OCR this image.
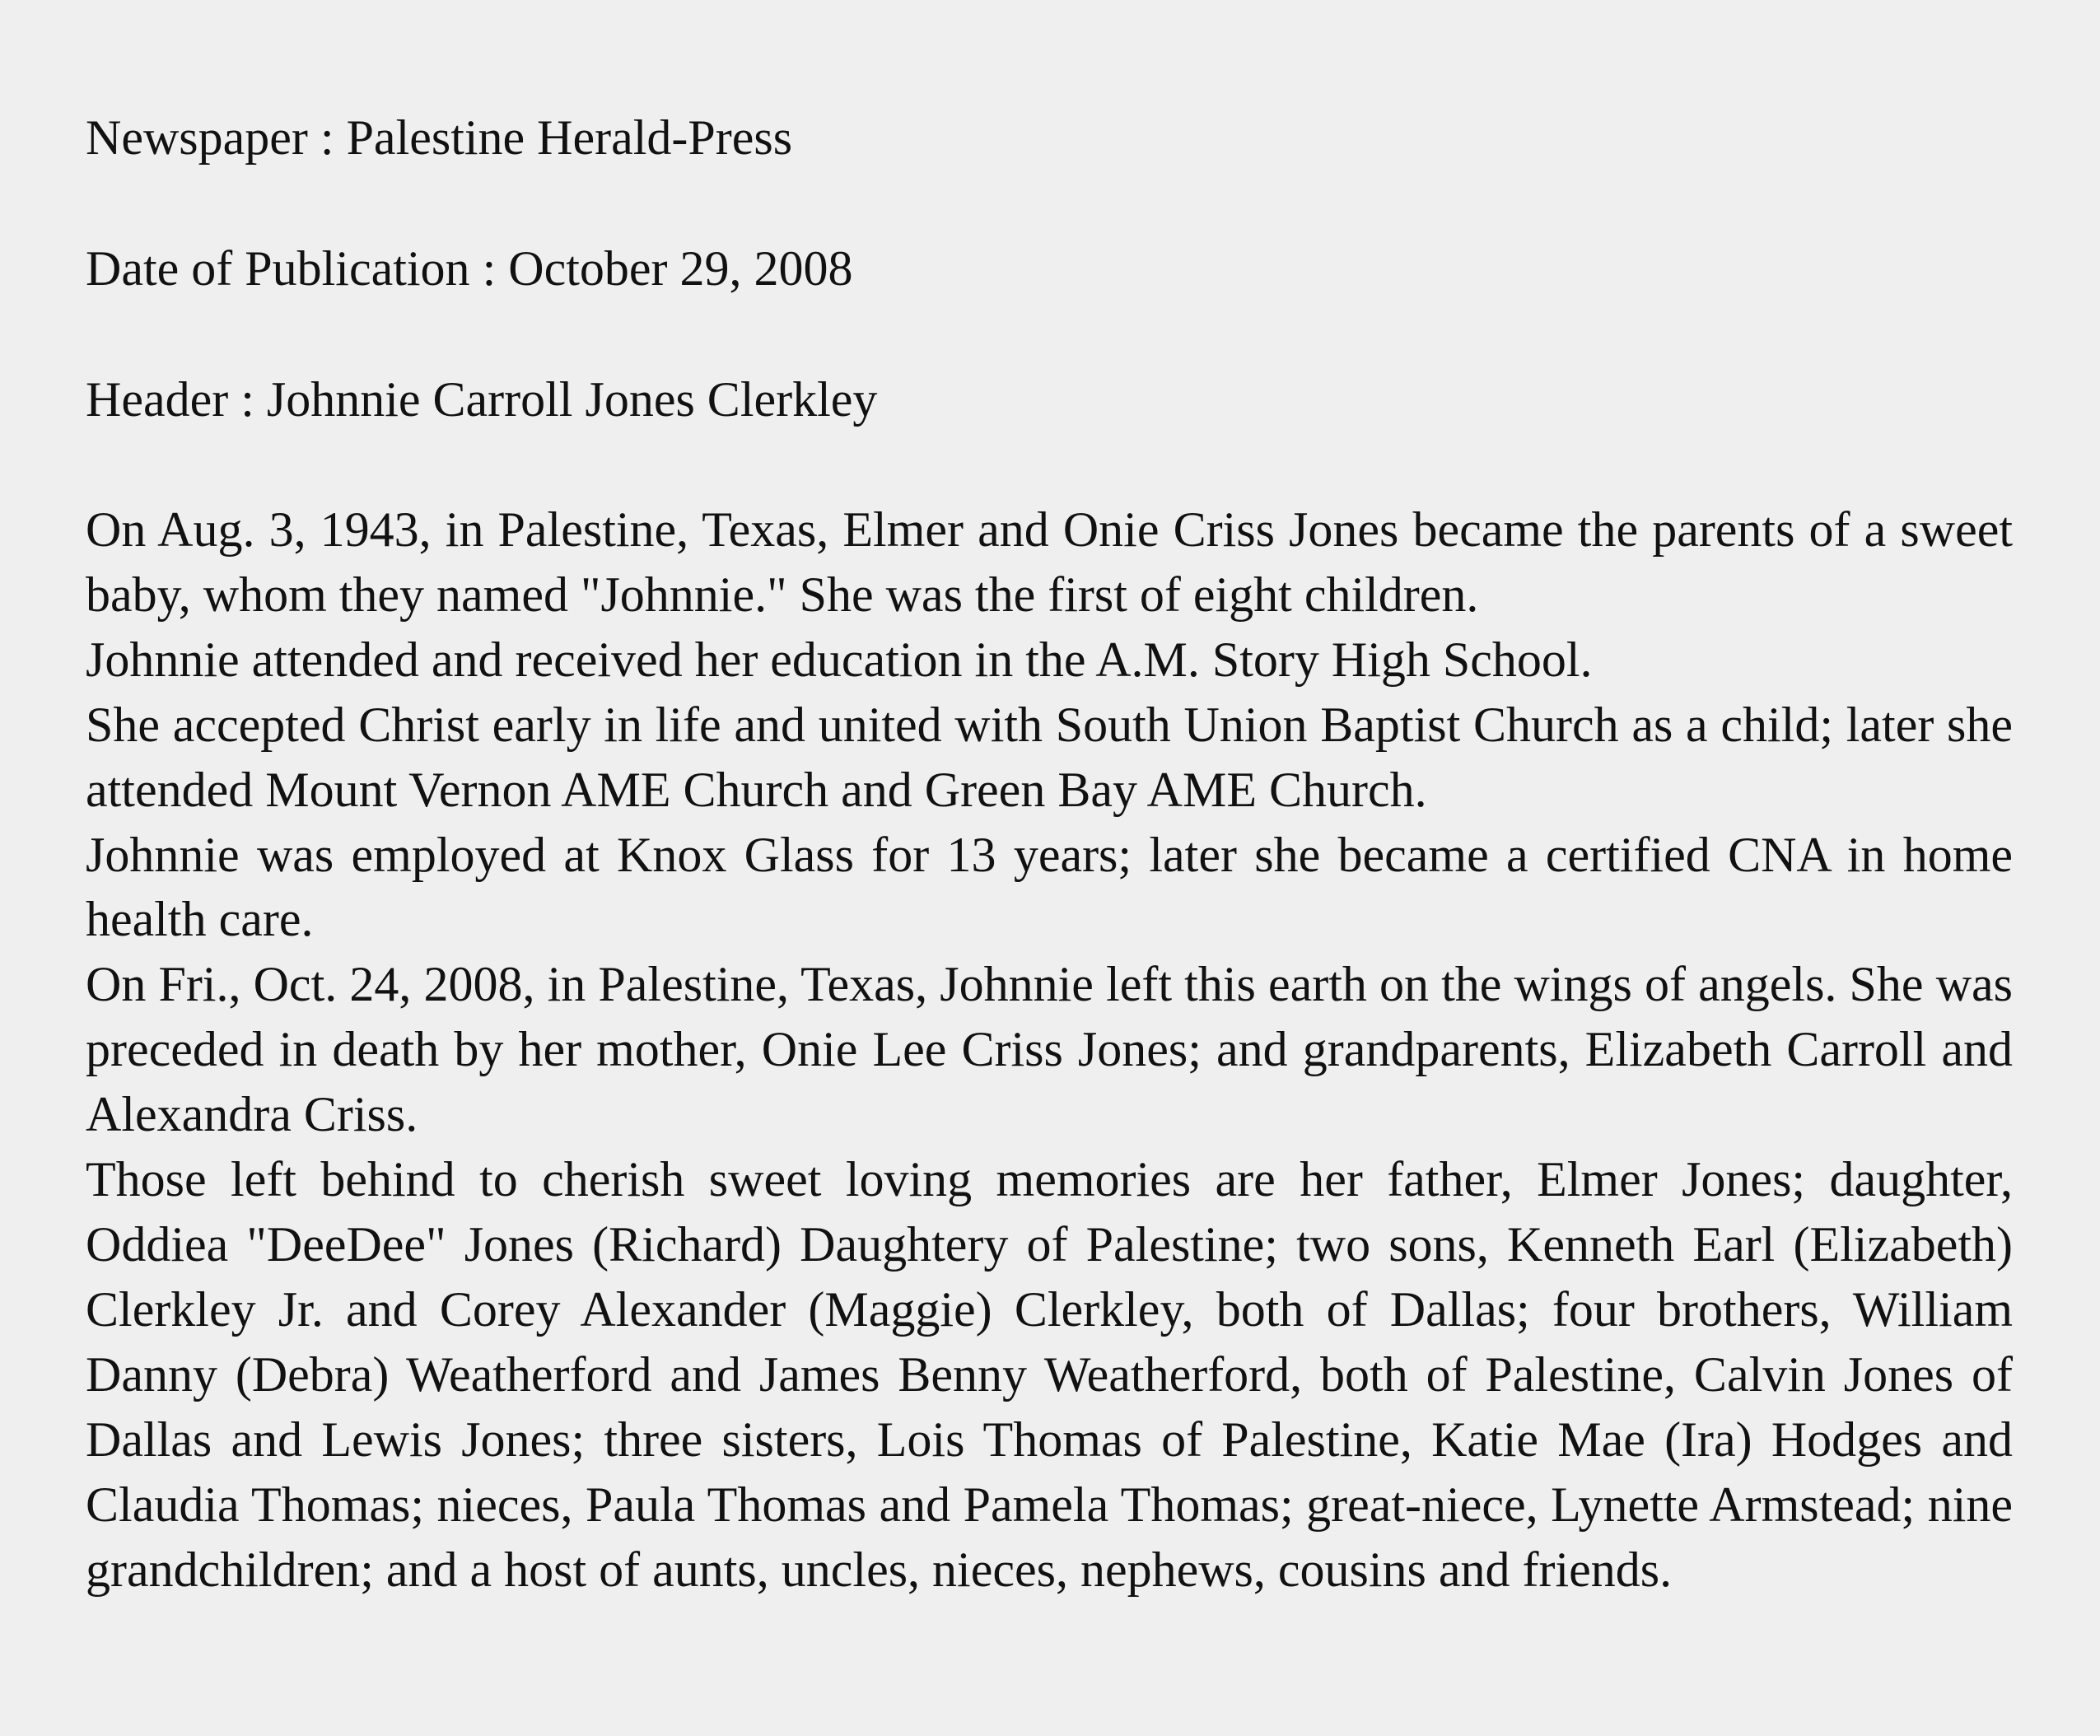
Newspaper : Palestine Herald-Press
Date of Publication : October 29, 2008
Header : Johnnie Carroll Jones Clerkley

On Aug. 3, 1943, in Palestine, Texas, Elmer and Onie Criss Jones became the parents of a sweet baby, whom they named "Johnnie." She was the first of eight children.

Johnnie attended and received her education in the A.M. Story High School.

She accepted Christ early in life and united with South Union Baptist Church as a child; later she attended Mount Vernon AME Church and Green Bay AME Church.

Johnnie was employed at Knox Glass for 13 years; later she became a certified CNA in home health care.

On Fri., Oct. 24, 2008, in Palestine, Texas, Johnnie left this earth on the wings of angels. She was preceded in death by her mother, Onie Lee Criss Jones; and grandparents, Elizabeth Carroll and Alexandra Criss.

Those left behind to cherish sweet loving memories are her father, Elmer Jones; daughter, Oddiea "DeeDee" Jones (Richard) Daughtery of Palestine; two sons, Kenneth Earl (Elizabeth) Clerkley Jr. and Corey Alexander (Maggie) Clerkley, both of Dallas; four brothers, William Danny (Debra) Weatherford and James Benny Weatherford, both of Palestine, Calvin Jones of Dallas and Lewis Jones; three sisters, Lois Thomas of Palestine, Katie Mae (Ira) Hodges and Claudia Thomas; nieces, Paula Thomas and Pamela Thomas; great-niece, Lynette Armstead; nine grandchildren; and a host of aunts, uncles, nieces, nephews, cousins and friends.
